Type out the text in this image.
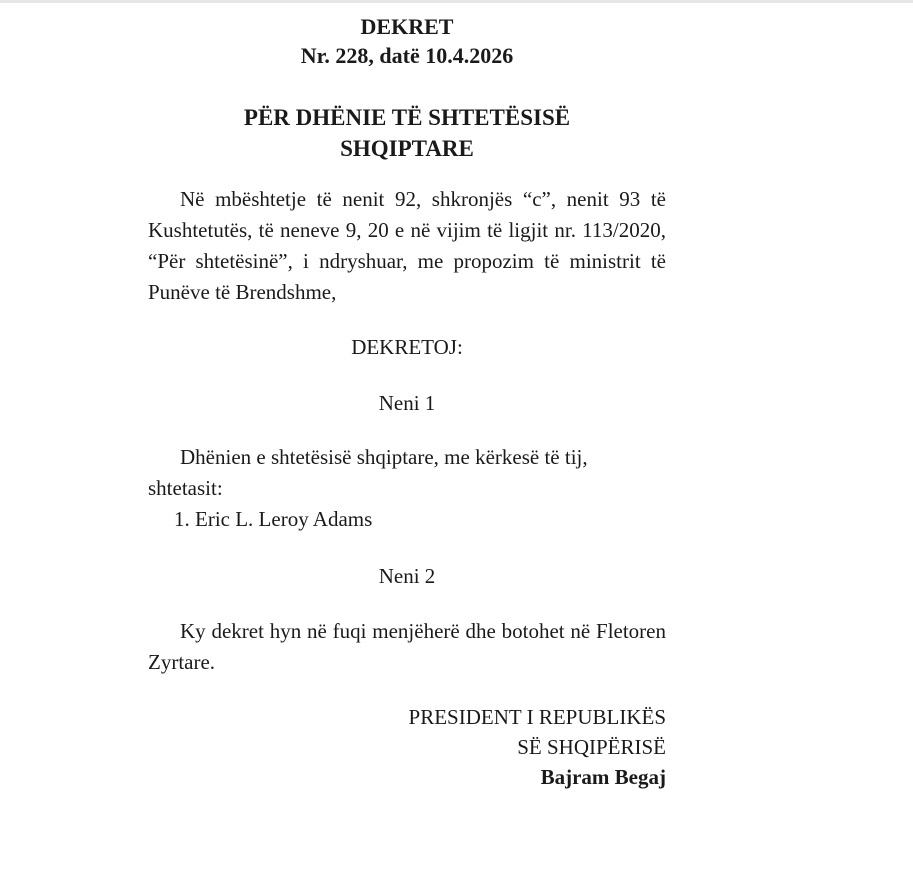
DEKRET

Nr. 228, datë 10.4.2026

PËR DHËNIE TË SHTETËSISË

SHQIPTARE

Në mbështetje të nenit 92, shkronjës “c”, nenit 93 të Kushtetutës, të neneve 9, 20 e në vijim të ligjit nr. 113/2020, “Për shtetësinë”, i ndryshuar, me propozim të ministrit të Punëve të Brendshme,

DEKRETOJ:

Neni 1

Dhënien e shtetësisë shqiptare, me kërkesë të tij,

shtetasit:

1. Eric L. Leroy Adams

Neni 2

Ky dekret hyn në fuqi menjëherë dhe botohet në Fletoren Zyrtare.

PRESIDENT I REPUBLIKËS

SË SHQIPËRISË

Bajram Begaj
